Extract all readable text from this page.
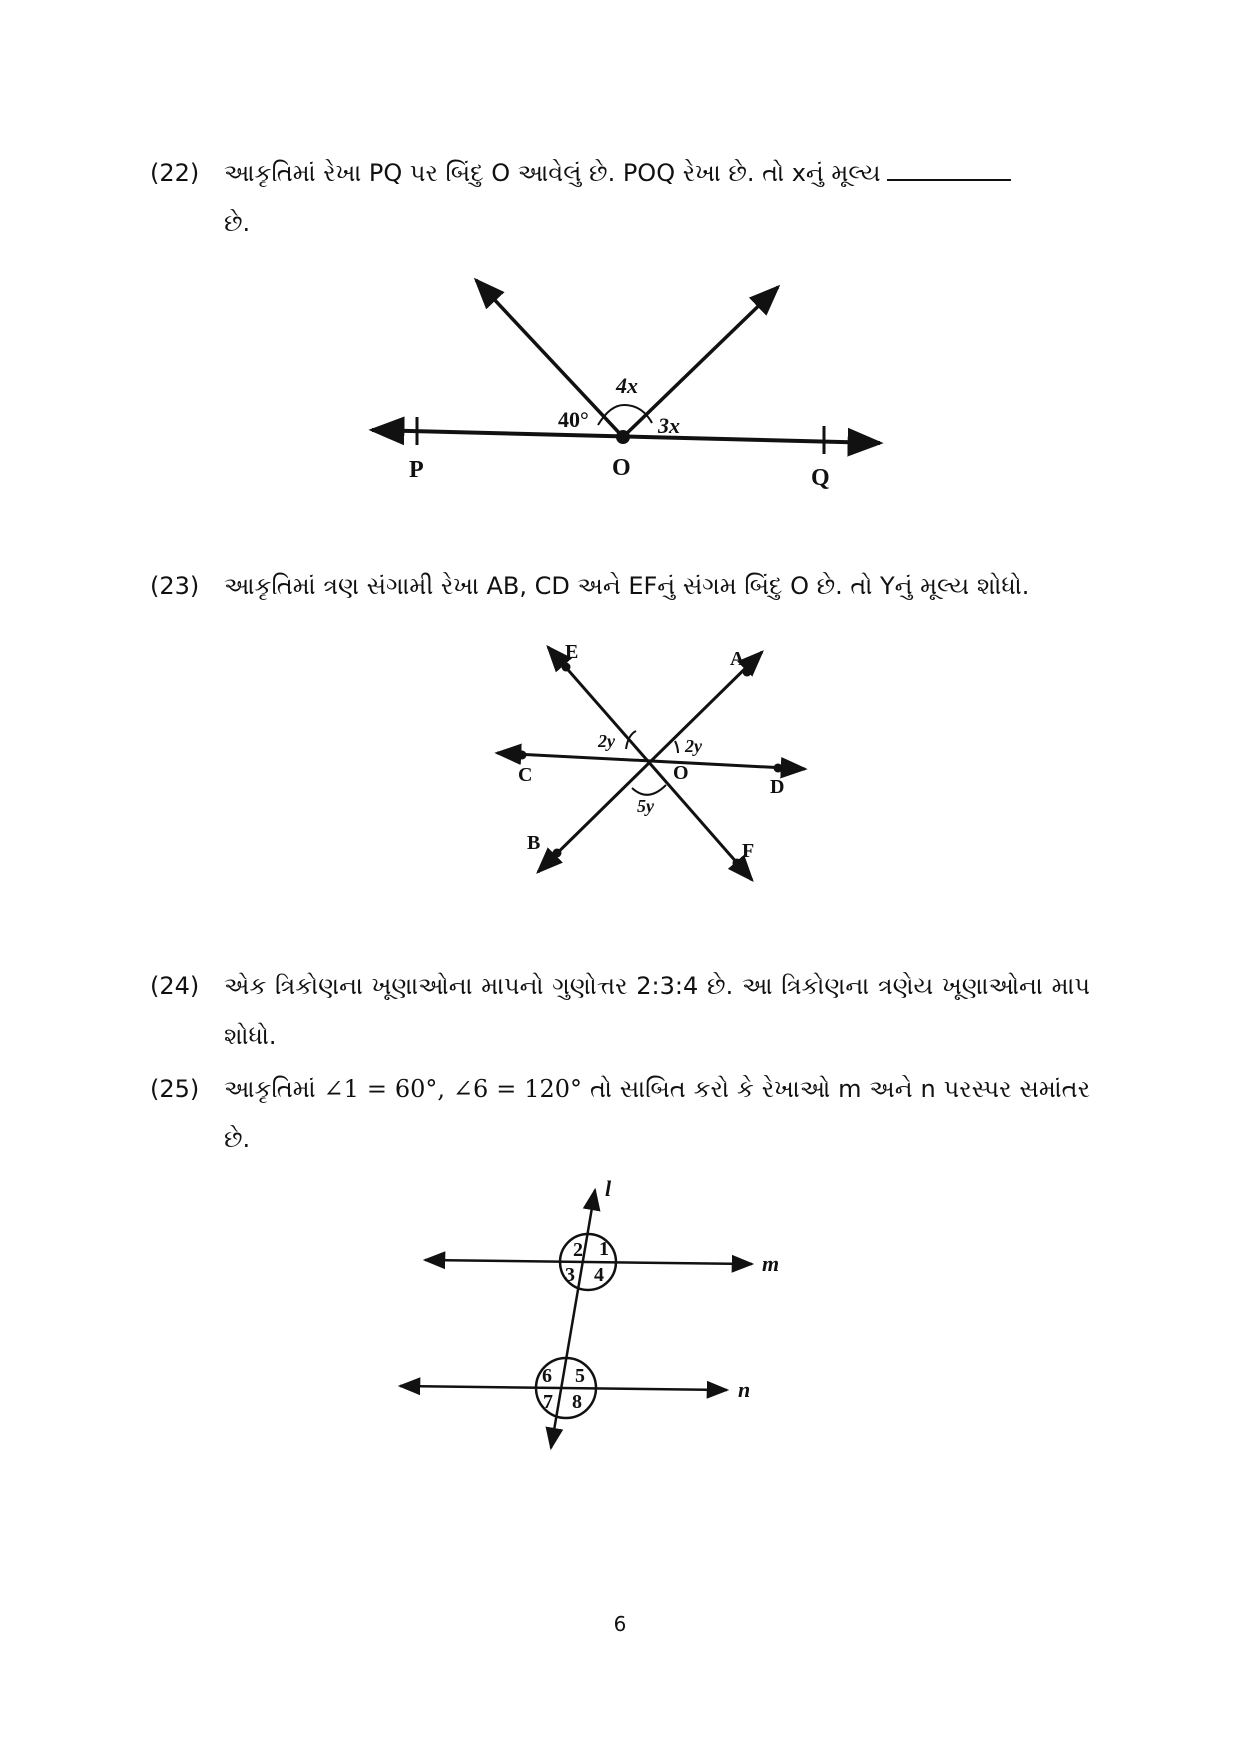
(22)	આકૃતિમાં રેખા PQ પર બિંદુ O આવેલું છે. POQ રેખા છે. તો xનું મૂલ્ય
છે.
P	O	Q
40°
4x
3x
(23)	આકૃતિમાં ત્રણ સંગામી રેખા AB, CD અને EFનું સંગમ બિંદુ O છે. તો Yનું મૂલ્ય શોધો.
E	A
C	O
D
B	F
2y	2y
5y
(24)	એક ત્રિકોણના ખૂણાઓના માપનો ગુણોત્તર 2:3:4 છે. આ ત્રિકોણના ત્રણેય ખૂણાઓના માપ શોધો.
(25)	આકૃતિમાં ∠1 = 60°, ∠6 = 120° તો સાબિત કરો કે રેખાઓ m અને n પરસ્પર સમાંતર છે.
l
m
n
2 1
3 4
6 5
7 8
6
